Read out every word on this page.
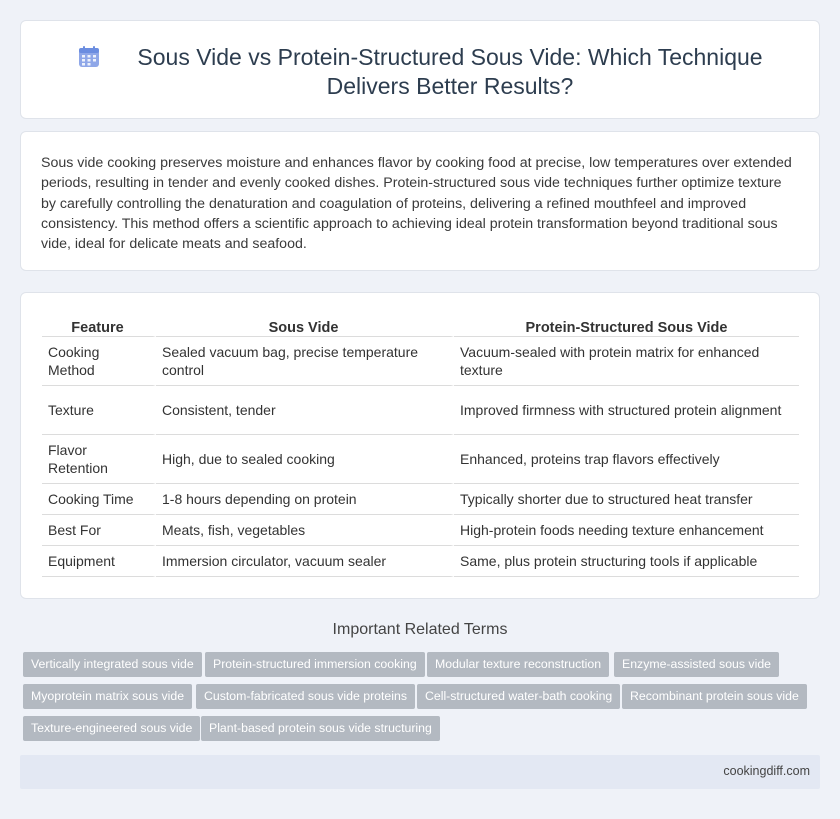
Sous Vide vs Protein-Structured Sous Vide: Which Technique Delivers Better Results?

Sous vide cooking preserves moisture and enhances flavor by cooking food at precise, low temperatures over extended periods, resulting in tender and evenly cooked dishes. Protein-structured sous vide techniques further optimize texture by carefully controlling the denaturation and coagulation of proteins, delivering a refined mouthfeel and improved consistency. This method offers a scientific approach to achieving ideal protein transformation beyond traditional sous vide, ideal for delicate meats and seafood.

Feature	Sous Vide	Protein-Structured Sous Vide
Cooking Method	Sealed vacuum bag, precise temperature control	Vacuum-sealed with protein matrix for enhanced texture
Texture	Consistent, tender	Improved firmness with structured protein alignment
Flavor Retention	High, due to sealed cooking	Enhanced, proteins trap flavors effectively
Cooking Time	1-8 hours depending on protein	Typically shorter due to structured heat transfer
Best For	Meats, fish, vegetables	High-protein foods needing texture enhancement
Equipment	Immersion circulator, vacuum sealer	Same, plus protein structuring tools if applicable
Important Related Terms
Vertically integrated sous vide	Protein-structured immersion cooking	Modular texture reconstruction	Enzyme-assisted sous vide
Myoprotein matrix sous vide	Custom-fabricated sous vide proteins	Cell-structured water-bath cooking	Recombinant protein sous vide
Texture-engineered sous vide	Plant-based protein sous vide structuring
cookingdiff.com
